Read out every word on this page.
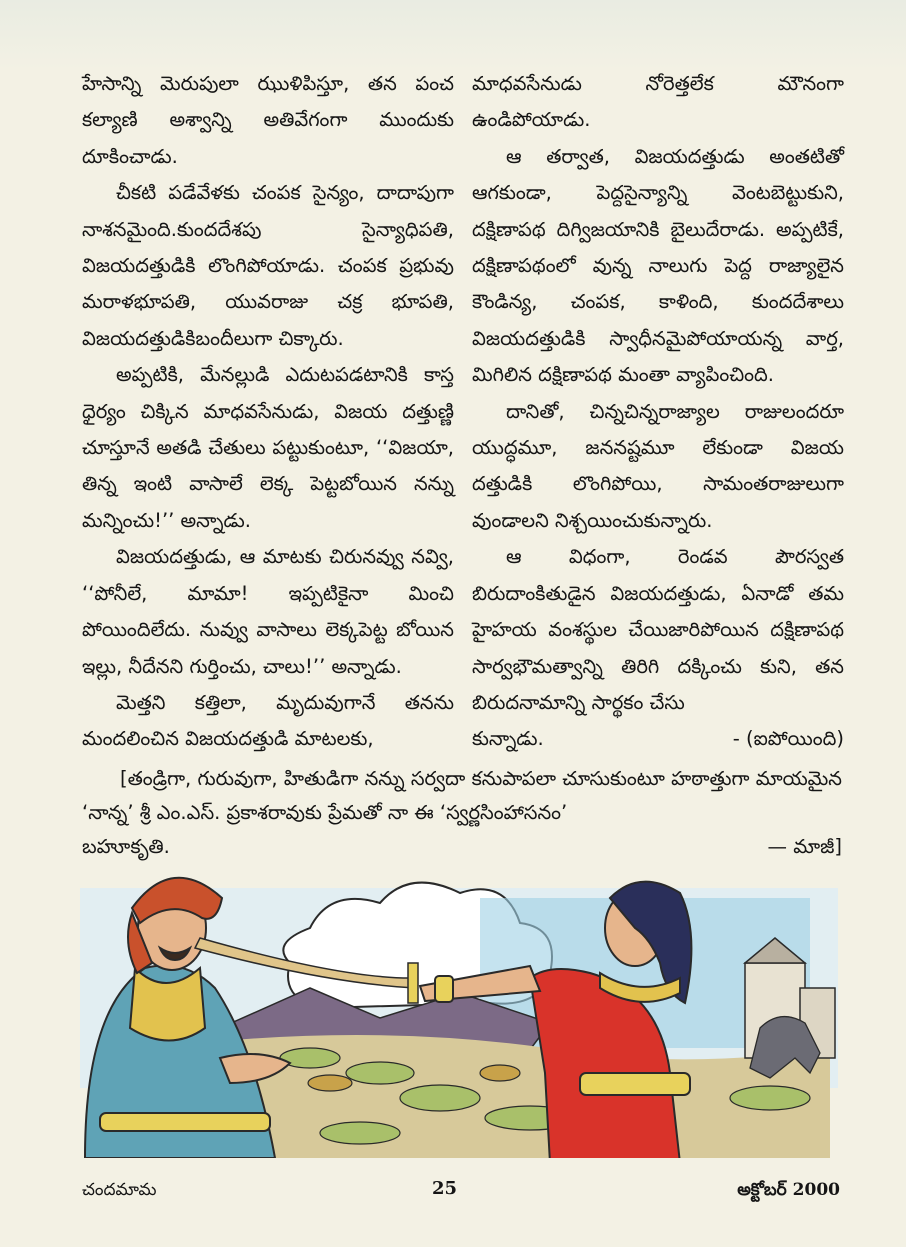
హేసాన్ని మెరుపులా ఝుళిపిస్తూ, తన పంచ కల్యాణి అశ్వాన్ని అతివేగంగా ముందుకు దూకించాడు.

చీకటి పడేవేళకు చంపక సైన్యం, దాదాపుగా నాశనమైంది.కుందదేశపు సైన్యాధిపతి, విజయదత్తుడికి లొంగిపోయాడు. చంపక ప్రభువు మరాళభూపతి, యువరాజు చక్ర భూపతి, విజయదత్తుడికిబందీలుగా చిక్కారు.

అప్పటికి, మేనల్లుడి ఎదుటపడటానికి కాస్త ధైర్యం చిక్కిన మాధవసేనుడు, విజయ దత్తుణ్ణి చూస్తూనే అతడి చేతులు పట్టుకుంటూ, ‘‘విజయా, తిన్న ఇంటి వాసాలే లెక్క పెట్టబోయిన నన్ను మన్నించు!’’ అన్నాడు.

విజయదత్తుడు, ఆ మాటకు చిరునవ్వు నవ్వి, ‘‘పోనీలే, మామా! ఇప్పటికైనా మించి పోయిందిలేదు. నువ్వు వాసాలు లెక్కపెట్ట బోయిన ఇల్లు, నీదేనని గుర్తించు, చాలు!’’ అన్నాడు.

మెత్తని కత్తిలా, మృదువుగానే తనను మందలించిన విజయదత్తుడి మాటలకు,

మాధవసేనుడు నోరెత్తలేక మౌనంగా ఉండిపోయాడు.

ఆ తర్వాత, విజయదత్తుడు అంతటితో ఆగకుండా, పెద్దసైన్యాన్ని వెంటబెట్టుకుని, దక్షిణాపథ దిగ్విజయానికి బైలుదేరాడు. అప్పటికే, దక్షిణాపథంలో వున్న నాలుగు పెద్ద రాజ్యాలైన కౌండిన్య, చంపక, కాళింది, కుందదేశాలు విజయదత్తుడికి స్వాధీనమైపోయాయన్న వార్త, మిగిలిన దక్షిణాపథ మంతా వ్యాపించింది.

దానితో, చిన్నచిన్నరాజ్యాల రాజులందరూ యుద్ధమూ, జననష్టమూ లేకుండా విజయ దత్తుడికి లొంగిపోయి, సామంతరాజులుగా వుండాలని నిశ్చయించుకున్నారు.

ఆ విధంగా, రెండవ పౌరస్వత బిరుదాంకితుడైన విజయదత్తుడు, ఏనాడో తమ హైహయ వంశస్థుల చేయిజారిపోయిన దక్షిణాపథ సార్వభౌమత్వాన్ని తిరిగి దక్కించు కుని, తన బిరుదనామాన్ని సార్థకం చేసు

కున్నాడు.	- (ఐపోయింది)
[తండ్రిగా, గురువుగా, హితుడిగా నన్ను సర్వదా కనుపాపలా చూసుకుంటూ హఠాత్తుగా మాయమైన ‘నాన్న’ శ్రీ ఎం.ఎస్. ప్రకాశరావుకు ప్రేమతో నా ఈ ‘స్వర్ణసింహాసనం’
బహూకృతి.	— మాజీ]
చందమామ	25	అక్టోబర్ 2000
